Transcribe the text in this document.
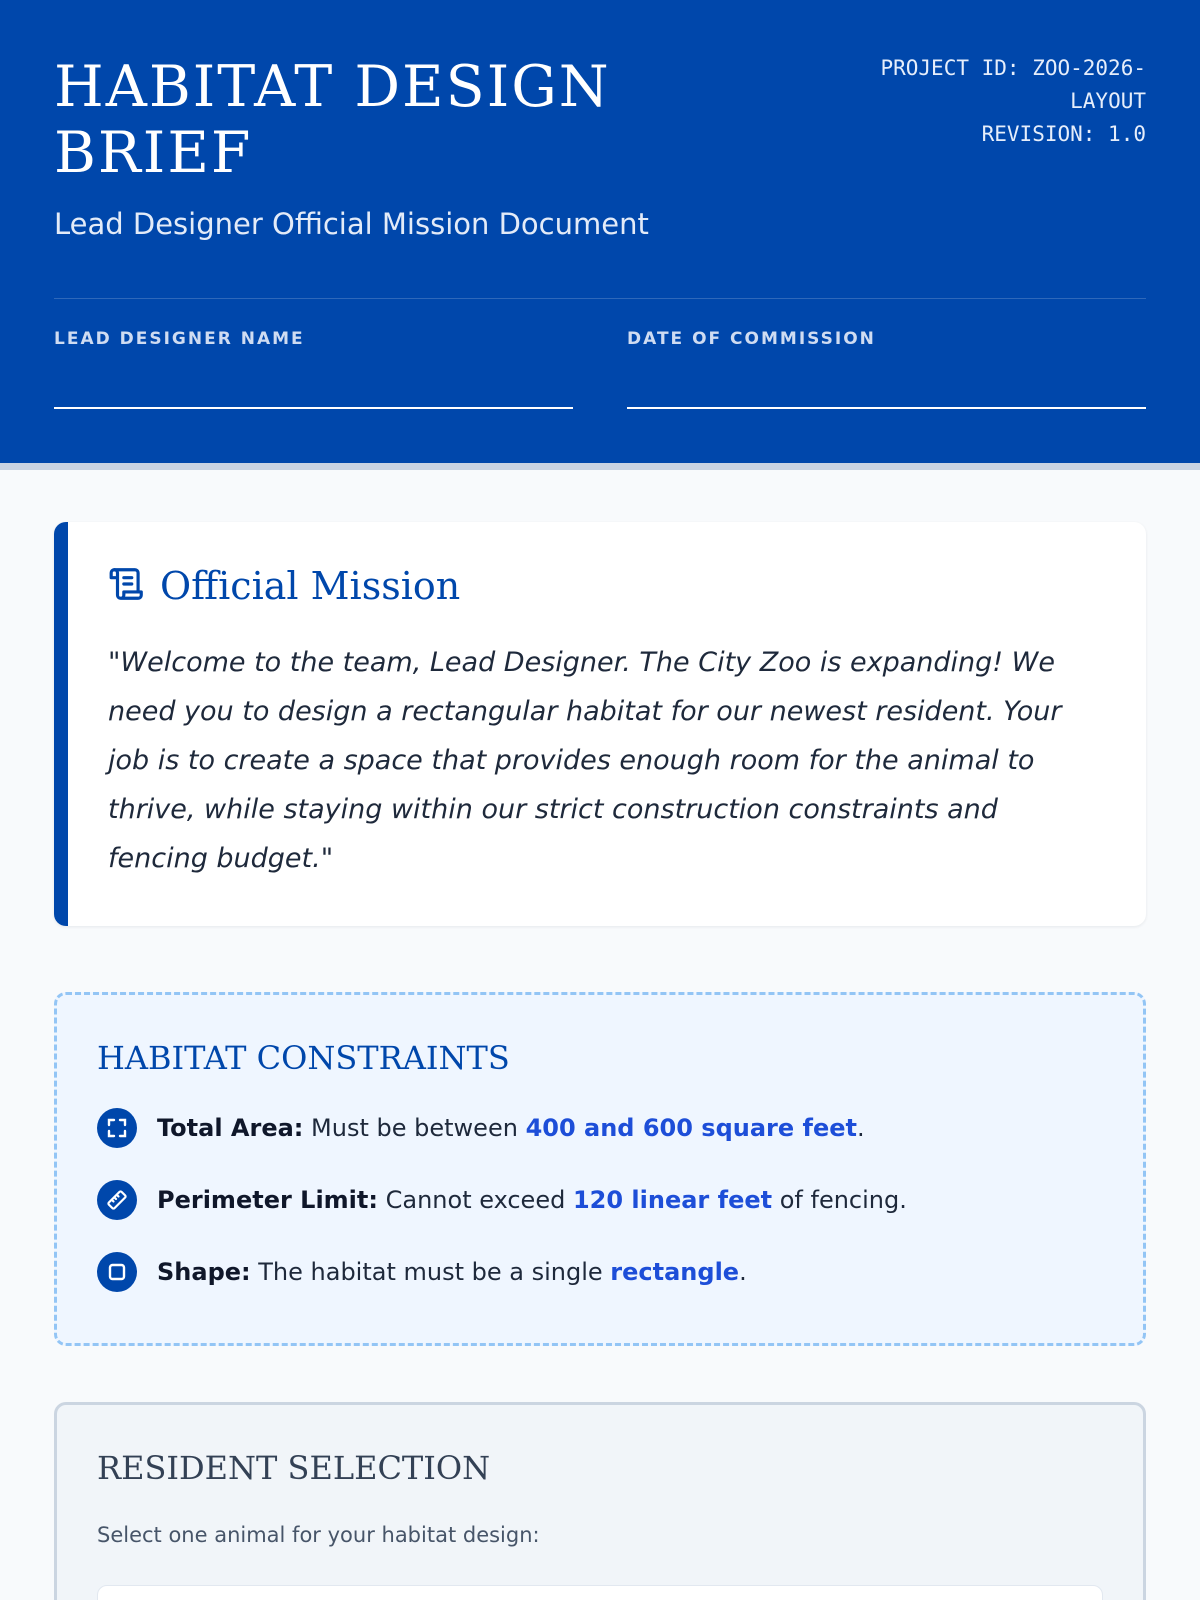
HABITAT DESIGN BRIEF
Lead Designer Official Mission Document
PROJECT ID: ZOO-2026-LAYOUT
REVISION: 1.0
LEAD DESIGNER NAME	DATE OF COMMISSION
Official Mission

"Welcome to the team, Lead Designer. The City Zoo is expanding! We need you to design a rectangular habitat for our newest resident. Your job is to create a space that provides enough room for the animal to thrive, while staying within our strict construction constraints and fencing budget."

HABITAT CONSTRAINTS
Total Area: Must be between 400 and 600 square feet.
Perimeter Limit: Cannot exceed 120 linear feet of fencing.
Shape: The habitat must be a single rectangle.
RESIDENT SELECTION
Select one animal for your habitat design:
